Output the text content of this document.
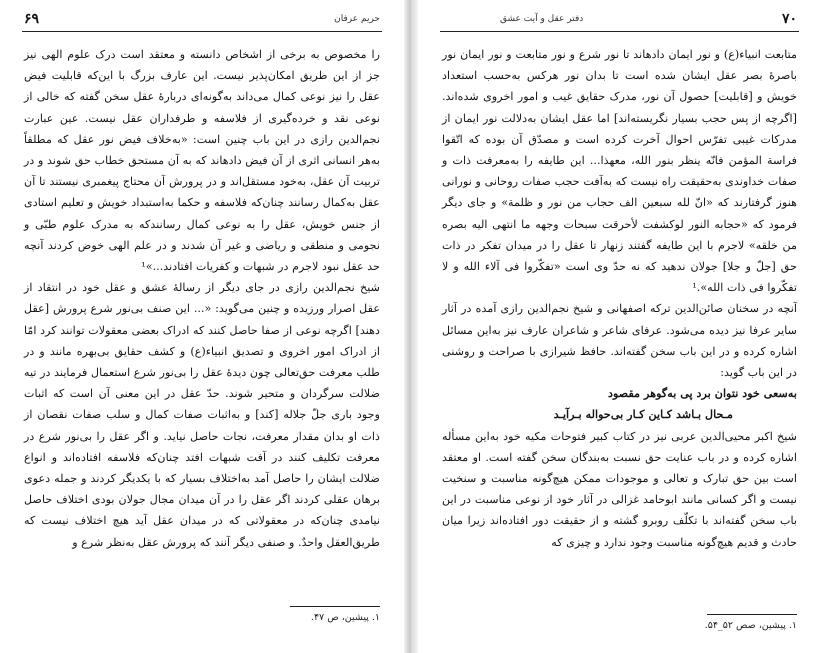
۶۹	حریم عرفان

را مخصوص به برخی از اشخاص دانسته و معتقد است درک علوم الهی نیز جز از این طریق امکان‌پذیر نیست. این عارف بزرگ با این‌که قابلیت فیض عقل را نیز نوعی کمال می‌داند به‌گونه‌ای دربارهٔ عقل سخن گفته که خالی از نوعی نقد و خرده‌گیری از فلاسفه و طرفداران عقل نیست. عین عبارت نجم‌الدین رازی در این باب چنین است: «به‌خلاف فیض نور عقل که مطلقاً به‌هر انسانی اثری از آن فیض دادهاند که به آن مستحق خطاب حق شوند و در تربیت آن عقل، به‌خود مستقل‌اند و در پرورش آن محتاج پیغمبری نیستند تا آن عقل به‌کمال رسانند چنان‌که فلاسفه و حکما به‌استبداد خویش و تعلیم استادی از جنس خویش، عقل را به نوعی کمال رسانندکه به مدرک علوم طبّی و نجومی و منطقی و ریاضی و غیر آن شدند و در علم الهی خوض کردند آنچه حد عقل نبود لاجرم در شبهات و کفریات افتادند...»¹

شیخ نجم‌الدین رازی در جای دیگر از رسالهٔ عشق و عقل خود در انتقاد از عقل اصرار ورزیده و چنین می‌گوید: «... این صنف بی‌نور شرع پرورش [عقل دهند] اگرچه نوعی از صفا حاصل کنند که ادراک بعضی معقولات توانند کرد امّا از ادراک امور اخروی و تصدیق انبیاء(ع) و کشف حقایق بی‌بهره مانند و در طلب معرفت حق‌تعالی چون دیدهٔ عقل را بی‌نور شرع استعمال فرمایند در تیه ضلالت سرگردان و متحیر شوند. حدّ عقل در این معنی آن است که اثبات وجود باری جلّ جلاله [کند] و به‌اثبات صفات کمال و سلب صفات نقصان از ذات او بدان مقدار معرفت، نجات حاصل نیاید. و اگر عقل را بی‌نور شرع در معرفت تکلیف کنند در آفت شبهات افتد چنان‌که فلاسفه افتاده‌اند و انواع ضلالت ایشان را حاصل آمد به‌اختلاف بسیار که با یکدیگر کردند و جمله دعوی برهان عقلی کردند اگر عقل را در آن میدان مجال جولان بودی اختلاف حاصل نیامدی چنان‌که در معقولاتی که در میدان عقل آید هیچ اختلاف نیست که طریق‌العقل واحدٌ. و صنفی دیگر آنند که پرورش عقل به‌نظر شرع و

۱. پیشین، ص ۴۷.
۷۰
دفتر عقل و آیت عشق

متابعت انبیاء(ع) و نور ایمان دادهاند تا نور شرع و نور متابعت و نور ایمان نور باصرهٔ بصر عقل ایشان شده است تا بدان نور هرکس به‌حسب استعداد خویش و [قابلیت] حصول آن نور، مدرک حقایق غیب و امور اخروی شده‌اند. [اگرچه از پس حجب بسیار نگریسته‌اند] اما عقل ایشان به‌دلالت نور ایمان از مدرکات غیبی تفرّس احوال آخرت کرده است و مصدّق آن بوده که اتّقوا فراسة المؤمن فانّه ینظر بنور الله، معهذا... این طایفه را به‌معرفت ذات و صفات خداوندی به‌حقیقت راه نیست که به‌آفت حجب صفات روحانی و نورانی هنوز گرفتارند که «انّ لله سبعین الف حجاب من نور و ظلمة» و جای دیگر فرمود که «حجابه النور لوکشفت لأحرقت سبحات وجهه ما انتهی الیه بصره من خلقه» لاجرم با این طایفه گفتند زنهار تا عقل را در میدان تفکر در ذات حق [جلّ و جلا] جولان ندهید که نه حدّ وی است «تفکّروا فی آلاء الله و لا تفکّروا فی ذات الله».¹

آنچه در سخنان صائن‌الدین ترکه اصفهانی و شیخ نجم‌الدین رازی آمده در آثار سایر عرفا نیز دیده می‌شود. عرفای شاعر و شاعران عارف نیز به‌این مسائل اشاره کرده و در این باب سخن گفته‌اند. حافظ شیرازی با صراحت و روشنی در این باب گوید:

به‌سعی خود نتوان برد پی به‌گوهر مقصود

مـحال بـاشد کـاین کـار بی‌حواله بـرآیـد

شیخ اکبر محیی‌الدین عربی نیز در کتاب کبیر فتوحات مکیه خود به‌این مسأله اشاره کرده و در باب عنایت حق نسبت به‌بندگان سخن گفته است. او معتقد است بین حق تبارک و تعالی و موجودات ممکن هیچ‌گونه مناسبت و سنخیت نیست و اگر کسانی مانند ابوحامد غزالی در آثار خود از نوعی مناسبت در این باب سخن گفته‌اند با تکلّف روبرو گشته و از حقیقت دور افتاده‌اند زیرا میان حادث و قدیم هیچ‌گونه مناسبت وجود ندارد و چیزی که

۱. پیشین، صص ۵۲_۵۴.
